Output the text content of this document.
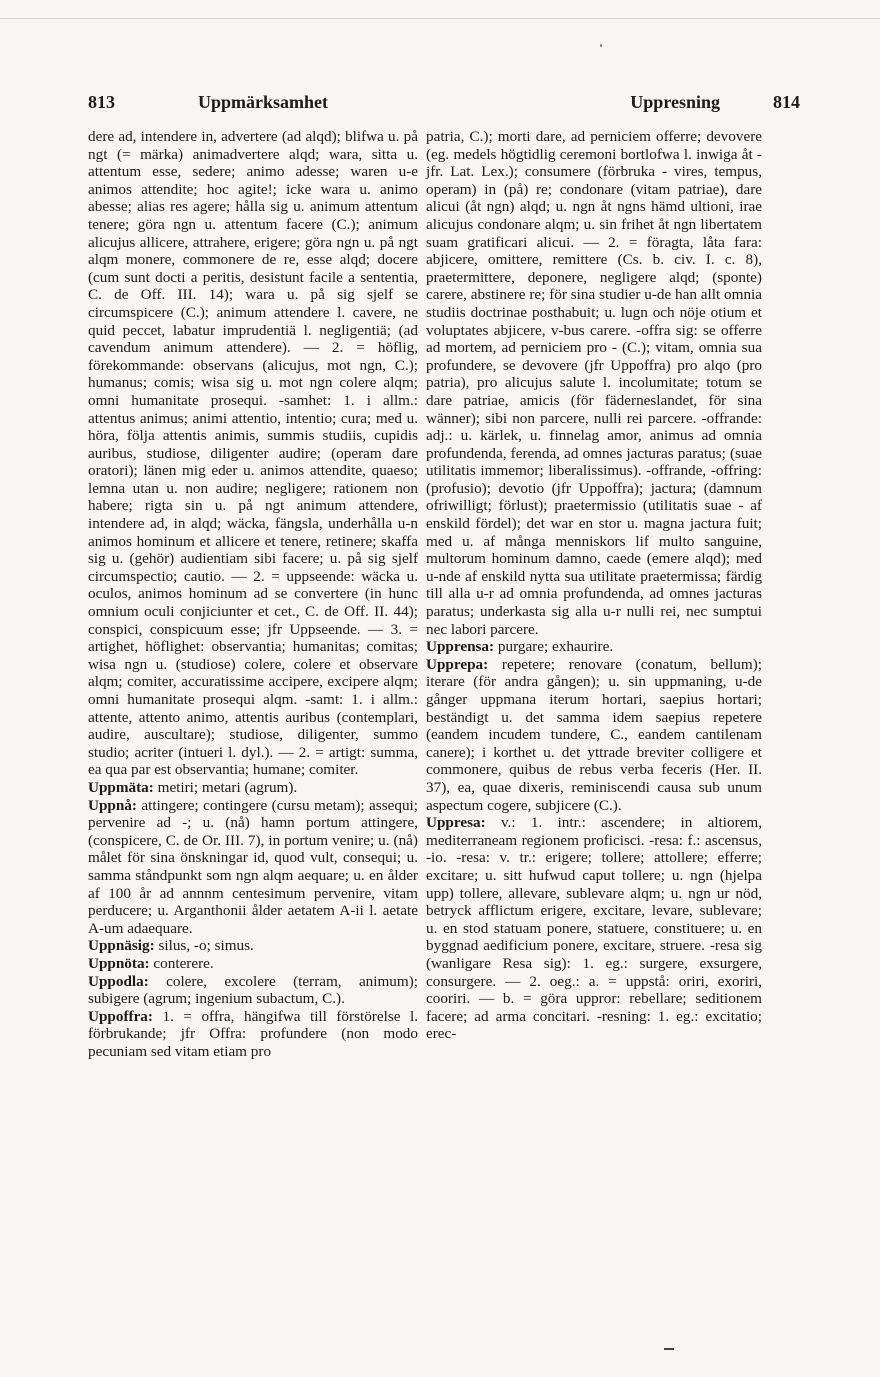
813	Uppmärksamhet	Uppresning	814

dere ad, intendere in, advertere (ad alqd); blifwa u. på ngt (= märka) animadvertere alqd; wara, sitta u. attentum esse, sedere; animo adesse; waren u-e animos attendite; hoc agite!; icke wara u. animo abesse; alias res agere; hålla sig u. animum attentum tenere; göra ngn u. attentum facere (C.); animum alicujus allicere, attrahere, erigere; göra ngn u. på ngt alqm monere, commonere de re, esse alqd; docere (cum sunt docti a peritis, desistunt facile a sententia, C. de Off. III. 14); wara u. på sig sjelf se circumspicere (C.); animum attendere l. cavere, ne quid peccet, labatur imprudentiä l. negligentiä; (ad cavendum animum attendere). — 2. = höflig, förekommande: observans (alicujus, mot ngn, C.); humanus; comis; wisa sig u. mot ngn colere alqm; omni humanitate prosequi. -samhet: 1. i allm.: attentus animus; animi attentio, intentio; cura; med u. höra, följa attentis animis, summis studiis, cupidis auribus, studiose, diligenter audire; (operam dare oratori); länen mig eder u. animos attendite, quaeso; lemna utan u. non audire; negligere; rationem non habere; rigta sin u. på ngt animum attendere, intendere ad, in alqd; wäcka, fängsla, underhålla u-n animos hominum et allicere et tenere, retinere; skaffa sig u. (gehör) audientiam sibi facere; u. på sig sjelf circumspectio; cautio. — 2. = uppseende: wäcka u. oculos, animos hominum ad se convertere (in hunc omnium oculi conjiciunter et cet., C. de Off. II. 44); conspici, conspicuum esse; jfr Uppseende. — 3. = artighet, höflighet: observantia; humanitas; comitas; wisa ngn u. (studiose) colere, colere et observare alqm; comiter, accuratissime accipere, excipere alqm; omni humanitate prosequi alqm. -samt: 1. i allm.: attente, attento animo, attentis auribus (contemplari, audire, auscultare); studiose, diligenter, summo studio; acriter (intueri l. dyl.). — 2. = artigt: summa, ea qua par est observantia; humane; comiter.

Uppmäta: metiri; metari (agrum).

Uppnå: attingere; contingere (cursu metam); assequi; pervenire ad -; u. (nå) hamn portum attingere, (conspicere, C. de Or. III. 7), in portum venire; u. (nå) målet för sina önskningar id, quod vult, consequi; u. samma ståndpunkt som ngn alqm aequare; u. en ålder af 100 år ad annnm centesimum pervenire, vitam perducere; u. Arganthonii ålder aetatem A-ii l. aetate A-um adaequare.

Uppnäsig: silus, -o; simus.

Uppnöta: conterere.

Uppodla: colere, excolere (terram, animum); subigere (agrum; ingenium subactum, C.).

Uppoffra: 1. = offra, hängifwa till förstörelse l. förbrukande; jfr Offra: profundere (non modo pecuniam sed vitam etiam pro

patria, C.); morti dare, ad perniciem offerre; devovere (eg. medels högtidlig ceremoni bortlofwa l. inwiga åt - jfr. Lat. Lex.); consumere (förbruka - vires, tempus, operam) in (på) re; condonare (vitam patriae), dare alicui (åt ngn) alqd; u. ngn åt ngns hämd ultioni, irae alicujus condonare alqm; u. sin frihet åt ngn libertatem suam gratificari alicui. — 2. = föragta, låta fara: abjicere, omittere, remittere (Cs. b. civ. I. c. 8), praetermittere, deponere, negligere alqd; (sponte) carere, abstinere re; för sina studier u-de han allt omnia studiis doctrinae posthabuit; u. lugn och nöje otium et voluptates abjicere, v-bus carere. -offra sig: se offerre ad mortem, ad perniciem pro - (C.); vitam, omnia sua profundere, se devovere (jfr Uppoffra) pro alqo (pro patria), pro alicujus salute l. incolumitate; totum se dare patriae, amicis (för fäderneslandet, för sina wänner); sibi non parcere, nulli rei parcere. -offrande: adj.: u. kärlek, u. finnelag amor, animus ad omnia profundenda, ferenda, ad omnes jacturas paratus; (suae utilitatis immemor; liberalissimus). -offrande, -offring: (profusio); devotio (jfr Uppoffra); jactura; (damnum ofriwilligt; förlust); praetermissio (utilitatis suae - af enskild fördel); det war en stor u. magna jactura fuit; med u. af många menniskors lif multo sanguine, multorum hominum damno, caede (emere alqd); med u-nde af enskild nytta sua utilitate praetermissa; färdig till alla u-r ad omnia profundenda, ad omnes jacturas paratus; underkasta sig alla u-r nulli rei, nec sumptui nec labori parcere.

Upprensa: purgare; exhaurire.

Upprepa: repetere; renovare (conatum, bellum); iterare (för andra gången); u. sin uppmaning, u-de gånger uppmana iterum hortari, saepius hortari; beständigt u. det samma idem saepius repetere (eandem incudem tundere, C., eandem cantilenam canere); i korthet u. det yttrade breviter colligere et commonere, quibus de rebus verba feceris (Her. II. 37), ea, quae dixeris, reminiscendi causa sub unum aspectum cogere, subjicere (C.).

Uppresa: v.: 1. intr.: ascendere; in altiorem, mediterraneam regionem proficisci. -resa: f.: ascensus, -io. -resa: v. tr.: erigere; tollere; attollere; efferre; excitare; u. sitt hufwud caput tollere; u. ngn (hjelpa upp) tollere, allevare, sublevare alqm; u. ngn ur nöd, betryck afflictum erigere, excitare, levare, sublevare; u. en stod statuam ponere, statuere, constituere; u. en byggnad aedificium ponere, excitare, struere. -resa sig (wanligare Resa sig): 1. eg.: surgere, exsurgere, consurgere. — 2. oeg.: a. = uppstå: oriri, exoriri, cooriri. — b. = göra uppror: rebellare; seditionem facere; ad arma concitari. -resning: 1. eg.: excitatio; erec-
